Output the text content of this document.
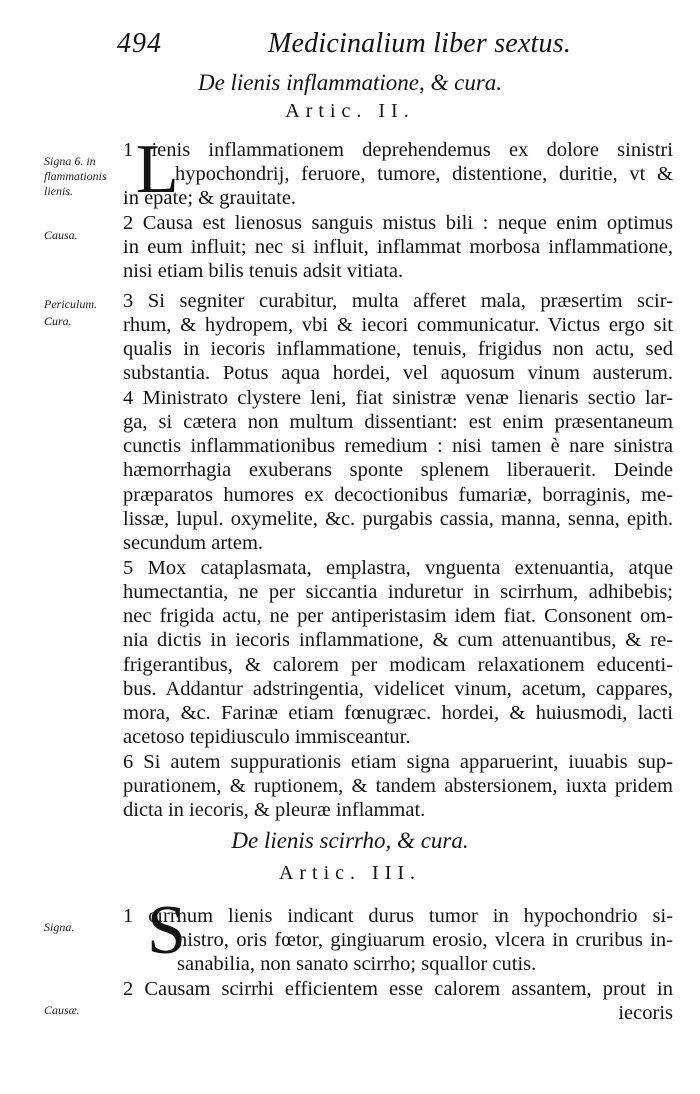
494	Medicinalium liber sextus.
De lienis inflammatione, & cura.
Artic. II.
L
Signa 6. in flammationis lienis.
Causa.
Periculum.
Cura.
1 ienis inflammationem deprehendemus ex dolore sinistri
hypochondrij, feruore, tumore, distentione, duritie, vt &
in epate; & grauitate.
2 Causa est lienosus sanguis mistus bili : neque enim optimus
in eum influit; nec si influit, inflammat morbosa inflammatione,
nisi etiam bilis tenuis adsit vitiata.
3 Si segniter curabitur, multa afferet mala, præsertim scir-
rhum, & hydropem, vbi & iecori communicatur. Victus ergo sit
qualis in iecoris inflammatione, tenuis, frigidus non actu, sed
substantia. Potus aqua hordei, vel aquosum vinum austerum.
4 Ministrato clystere leni, fiat sinistræ venæ lienaris sectio lar-
ga, si cætera non multum dissentiant: est enim præsentaneum
cunctis inflammationibus remedium : nisi tamen è nare sinistra
hæmorrhagia exuberans sponte splenem liberauerit. Deinde
præparatos humores ex decoctionibus fumariæ, borraginis, me-
lissæ, lupul. oxymelite, &c. purgabis cassia, manna, senna, epith.
secundum artem.
5 Mox cataplasmata, emplastra, vnguenta extenuantia, atque
humectantia, ne per siccantia induretur in scirrhum, adhibebis;
nec frigida actu, ne per antiperistasim idem fiat. Consonent om-
nia dictis in iecoris inflammatione, & cum attenuantibus, & re-
frigerantibus, & calorem per modicam relaxationem educenti-
bus. Addantur adstringentia, videlicet vinum, acetum, cappares,
mora, &c. Farinæ etiam fœnugræc. hordei, & huiusmodi, lacti
acetoso tepidiusculo immisceantur.
6 Si autem suppurationis etiam signa apparuerint, iuuabis sup-
purationem, & ruptionem, & tandem abstersionem, iuxta pridem
dicta in iecoris, & pleuræ inflammat.
De lienis scirrho, & cura.
Artic. III.
S
Signa.
Causæ.
1 cirrhum lienis indicant durus tumor in hypochondrio si-
nistro, oris fœtor, gingiuarum erosio, vlcera in cruribus in-
sanabilia, non sanato scirrho; squallor cutis.
2 Causam scirrhi efficientem esse calorem assantem, prout in
iecoris
